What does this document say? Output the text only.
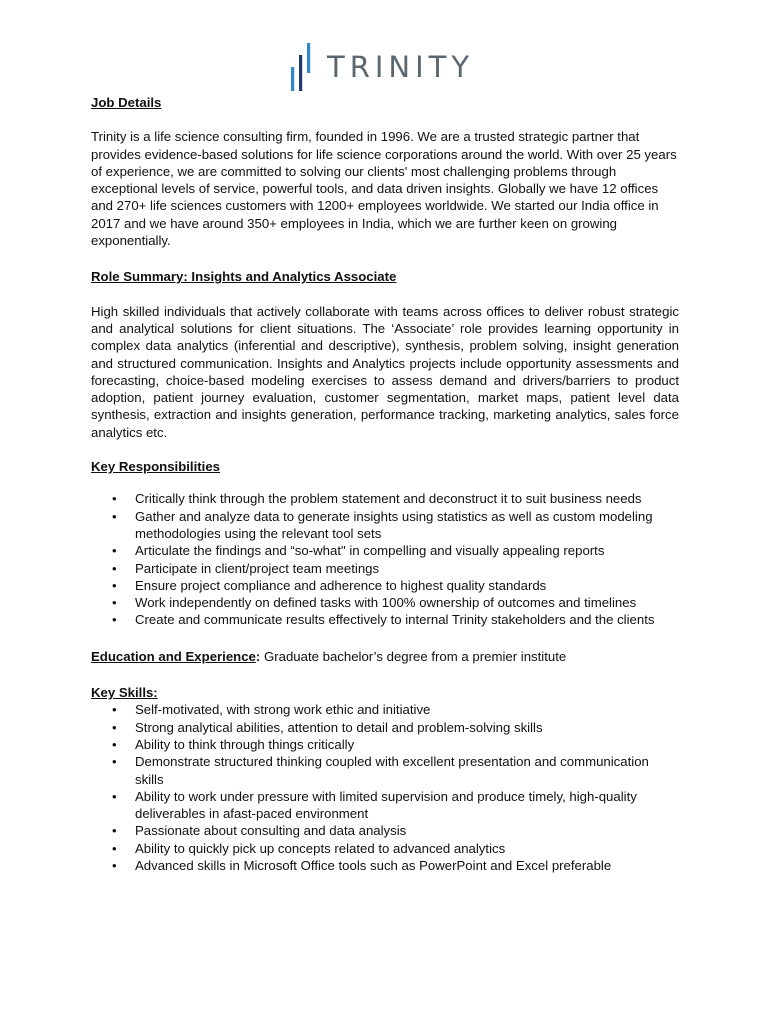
TRINITY

Job Details

Trinity is a life science consulting firm, founded in 1996. We are a trusted strategic partner that provides evidence-based solutions for life science corporations around the world. With over 25 years of experience, we are committed to solving our clients' most challenging problems through exceptional levels of service, powerful tools, and data driven insights. Globally we have 12 offices and 270+ life sciences customers with 1200+ employees worldwide. We started our India office in 2017 and we have around 350+ employees in India, which we are further keen on growing exponentially.

Role Summary: Insights and Analytics Associate

High skilled individuals that actively collaborate with teams across offices to deliver robust strategic and analytical solutions for client situations. The ‘Associate’ role provides learning opportunity in complex data analytics (inferential and descriptive), synthesis, problem solving, insight generation and structured communication. Insights and Analytics projects include opportunity assessments and forecasting, choice-based modeling exercises to assess demand and drivers/barriers to product adoption, patient journey evaluation, customer segmentation, market maps, patient level data synthesis, extraction and insights generation, performance tracking, marketing analytics, sales force analytics etc.

Key Responsibilities

• Critically think through the problem statement and deconstruct it to suit business needs
• Gather and analyze data to generate insights using statistics as well as custom modeling methodologies using the relevant tool sets
• Articulate the findings and “so-what" in compelling and visually appealing reports
• Participate in client/project team meetings
• Ensure project compliance and adherence to highest quality standards
• Work independently on defined tasks with 100% ownership of outcomes and timelines
• Create and communicate results effectively to internal Trinity stakeholders and the clients

Education and Experience: Graduate bachelor’s degree from a premier institute

Key Skills:

• Self-motivated, with strong work ethic and initiative
• Strong analytical abilities, attention to detail and problem-solving skills
• Ability to think through things critically
• Demonstrate structured thinking coupled with excellent presentation and communication skills
• Ability to work under pressure with limited supervision and produce timely, high-quality deliverables in afast-paced environment
• Passionate about consulting and data analysis
• Ability to quickly pick up concepts related to advanced analytics
• Advanced skills in Microsoft Office tools such as PowerPoint and Excel preferable
